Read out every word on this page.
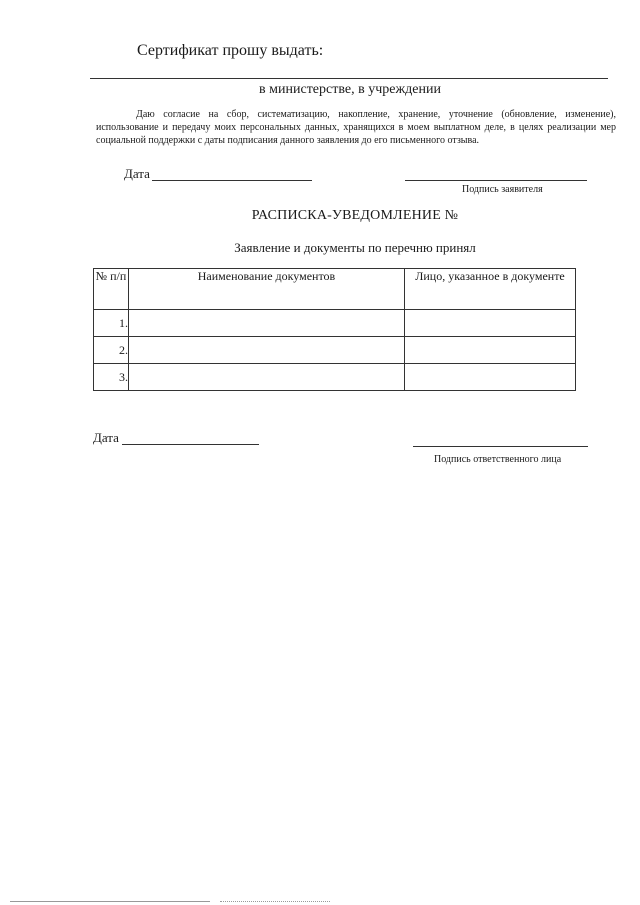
Сертификат прошу выдать:
в министерстве, в учреждении
Даю согласие на сбор, систематизацию, накопление, хранение, уточнение (обновление, изменение), использование и передачу моих персональных данных, хранящихся в моем выплатном деле, в целях реализации мер социальной поддержки с даты подписания данного заявления до его письменного отзыва.
Дата
Подпись заявителя
РАСПИСКА-УВЕДОМЛЕНИЕ №
Заявление и документы по перечню принял
№ п/п	Наименование документов	Лицо, указанное в документе
1.		
2.		
3.		
Дата
Подпись ответственного лица
